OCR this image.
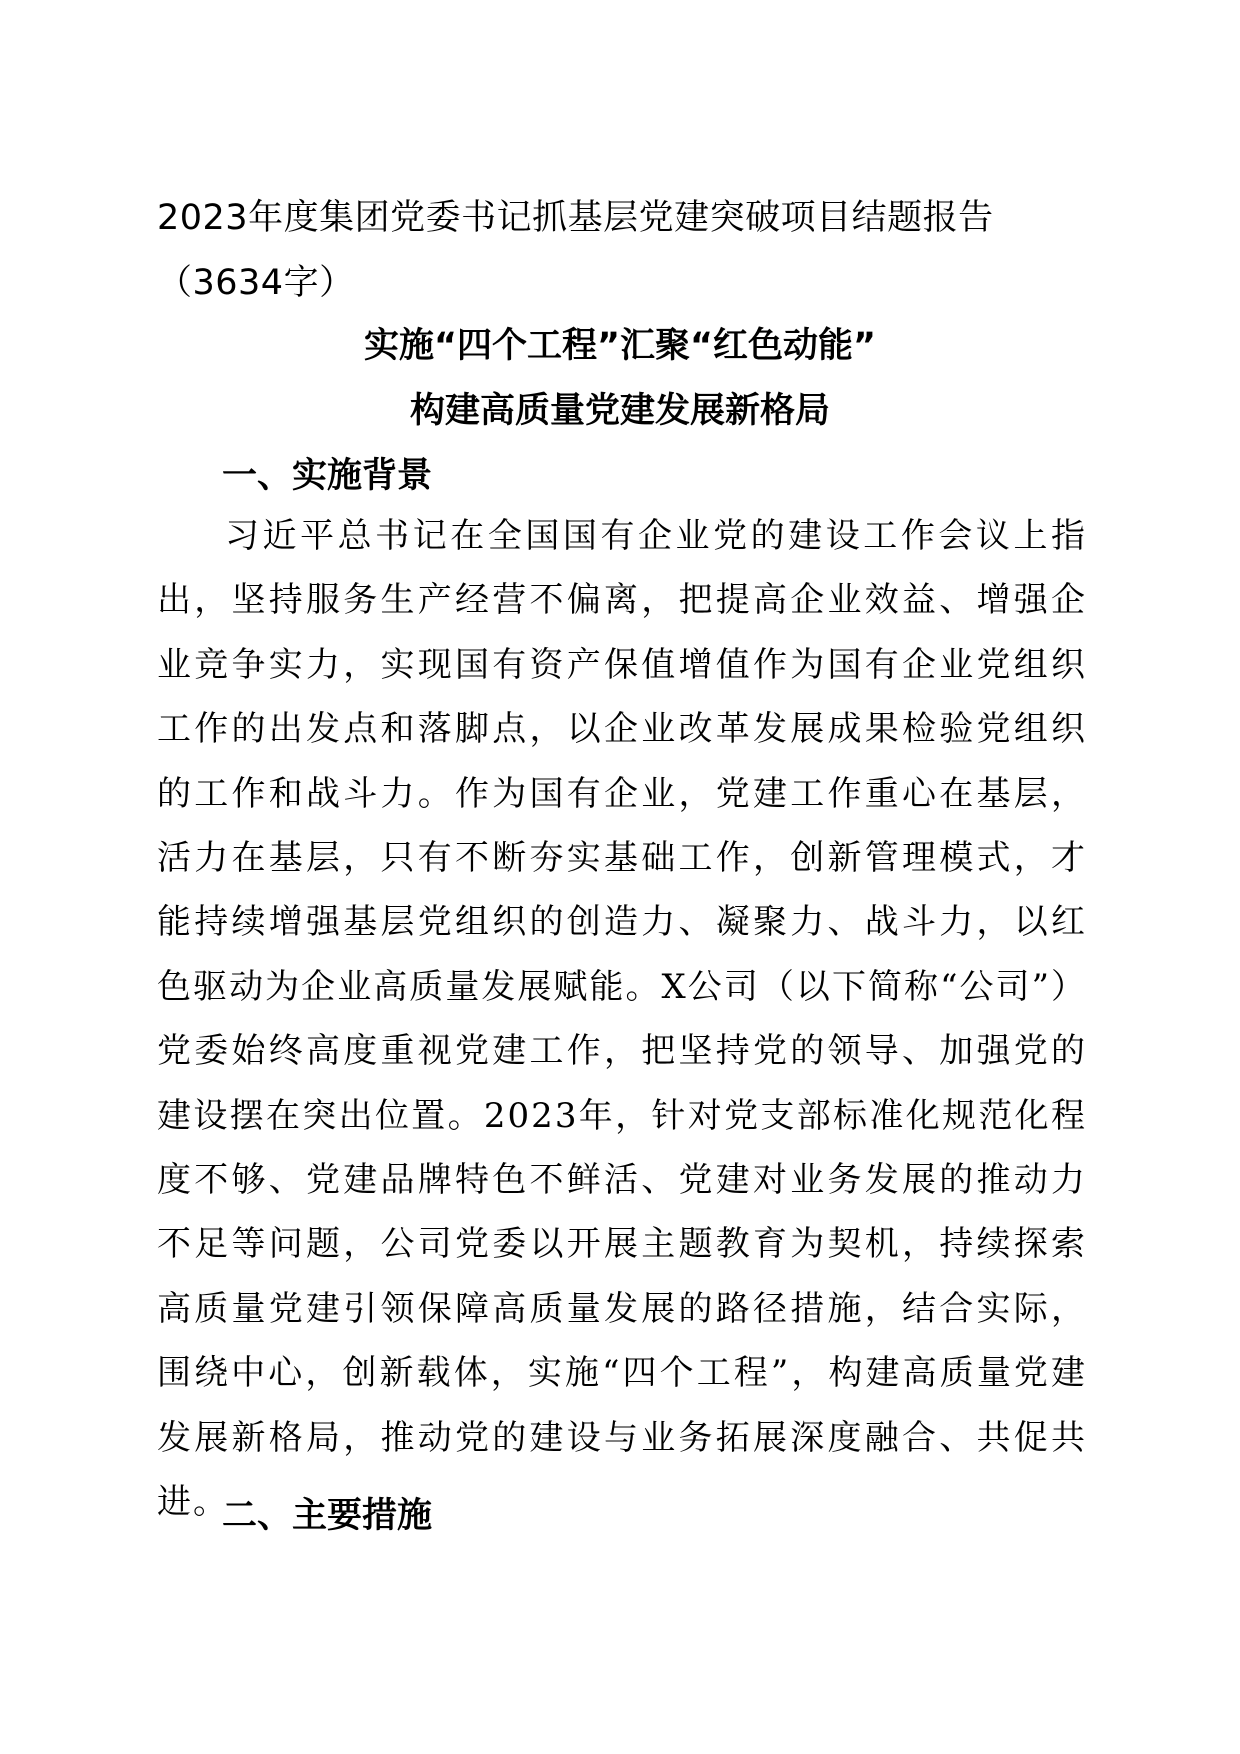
2023年度集团党委书记抓基层党建突破项目结题报告（3634字）
实施“四个工程”汇聚“红色动能”
构建高质量党建发展新格局
一、实施背景

习近平总书记在全国国有企业党的建设工作会议上指出，坚持服务生产经营不偏离，把提高企业效益、增强企业竞争实力，实现国有资产保值增值作为国有企业党组织工作的出发点和落脚点，以企业改革发展成果检验党组织的工作和战斗力。作为国有企业，党建工作重心在基层，活力在基层，只有不断夯实基础工作，创新管理模式，才能持续增强基层党组织的创造力、凝聚力、战斗力，以红色驱动为企业高质量发展赋能。X公司（以下简称“公司”）党委始终高度重视党建工作，把坚持党的领导、加强党的建设摆在突出位置。2023年，针对党支部标准化规范化程度不够、党建品牌特色不鲜活、党建对业务发展的推动力不足等问题，公司党委以开展主题教育为契机，持续探索高质量党建引领保障高质量发展的路径措施，结合实际，围绕中心，创新载体，实施“四个工程”，构建高质量党建发展新格局，推动党的建设与业务拓展深度融合、共促共进。

二、主要措施
